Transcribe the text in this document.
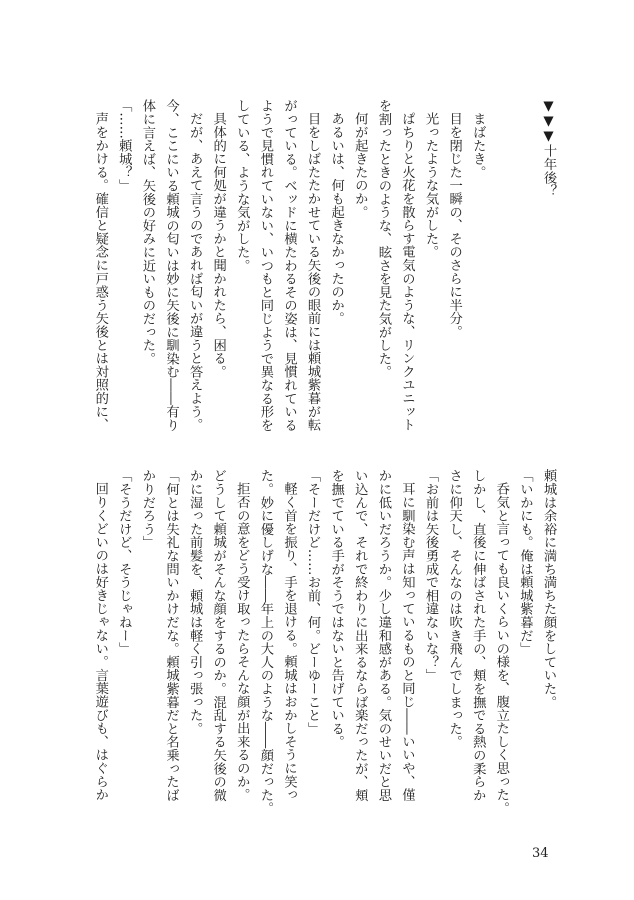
▼▼▼十年後？
まばたき。
目を閉じた一瞬の、そのさらに半分。
光ったような気がした。
ぱちりと火花を散らす電気のような、リンクユニット
を割ったときのような、眩さを見た気がした。
何が起きたのか。
あるいは、何も起きなかったのか。
目をしばたたかせている矢後の眼前には頼城紫暮が転
がっている。ベッドに横たわるその姿は、見慣れている
ようで見慣れていない、いつもと同じようで異なる形を
している、ような気がした。
具体的に何処が違うかと聞かれたら、困る。
だが、あえて言うのであれば匂いが違うと答えよう。
今、ここにいる頼城の匂いは妙に矢後に馴染む――有り
体に言えば、矢後の好みに近いものだった。
「……頼城？」
声をかける。確信と疑念に戸惑う矢後とは対照的に、
頼城は余裕に満ち満ちた顔をしていた。
「いかにも。俺は頼城紫暮だ」
呑気と言っても良いくらいの様を、腹立たしく思った。
しかし、直後に伸ばされた手の、頬を撫でる熱の柔らか
さに仰天し、そんなのは吹き飛んでしまった。
「お前は矢後勇成で相違ないな？」
耳に馴染む声は知っているものと同じ――いいや、僅
かに低いだろうか。少し違和感がある。気のせいだと思
い込んで、それで終わりに出来るならば楽だったが、頬
を撫でている手がそうではないと告げている。
「そーだけど……お前、何。どーゆーこと」
軽く首を振り、手を退ける。頼城はおかしそうに笑っ
た。妙に優しげな――年上の大人のような――顔だった。
拒否の意をどう受け取ったらそんな顔が出来るのか。
どうして頼城がそんな顔をするのか。混乱する矢後の微
かに湿った前髪を、頼城は軽く引っ張った。
「何とは失礼な問いかけだな。頼城紫暮だと名乗ったば
かりだろう」
「そうだけど、そうじゃねー」
回りくどいのは好きじゃない。言葉遊びも、はぐらか
34
